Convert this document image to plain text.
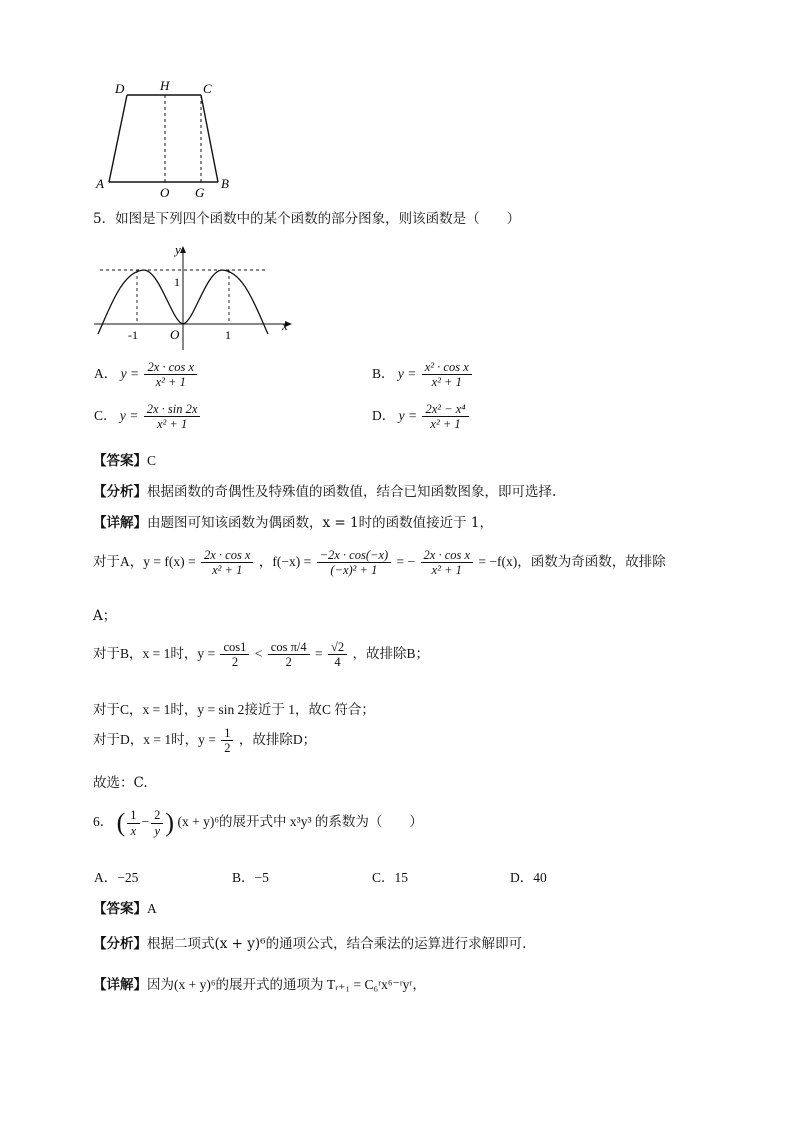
D	H	C
A
O G
B
5．如图是下列四个函数中的某个函数的部分图象，则该函数是（　　）
y
x
1
-1	1
O
A． $y = \frac{\text{2x · cos x}}{\text{x² + 1}}$	B． $y = \frac{\text{x² · cos x}}{\text{x² + 1}}$
C． $y = \frac{2x \cdot \sin 2x}{\text{x² + 1}}$	D． $y = \frac{\text{2x² − x⁴}}{\text{x² + 1}}$
【答案】C
【分析】根据函数的奇偶性及特殊值的函数值，结合已知函数图象，即可选择.
【详解】由题图可知该函数为偶函数，x = 1时的函数值接近于 1，
对于A，$y = f(x) = \frac{\text{2x · cos x}}{\text{x² + 1}}$ ，$f(-x) = \frac{-2x \cdot \cos(-x)}{\text{(−x)² + 1}}$ = − $\frac{\text{2x · cos x}}{\text{x² + 1}} = -f(x)$，函数为奇函数，故排除
A；
对于B，x = 1时，$y = \frac{\cos 1}{2} < \frac{\text{cos π/4}}{2} = \frac{√2}{4}$ ，故排除B；
对于C，x = 1时，y = sin 2接近于 1，故C 符合；
对于D，x = 1时，$y = \frac{1}{2}$ ，故排除D；
故选：C.
6． ( $\frac{1}{x} - \frac{2}{y}$ ) (x + y)⁶的展开式中 x³y³ 的系数为（　　）
A．−25	B．−5	C．15	D．40
【答案】A
【分析】根据二项式(x + y)⁶的通项公式，结合乘法的运算进行求解即可.
【详解】因为(x + y)⁶的展开式的通项为 Tᵣ₊₁ = C₆ʳx⁶⁻ʳyʳ，
